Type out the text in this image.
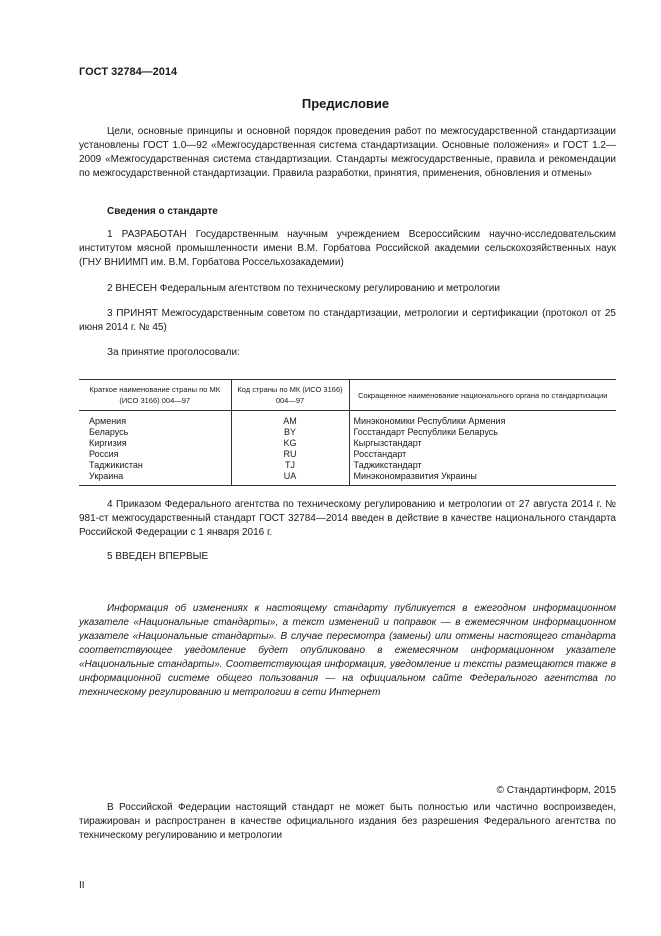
ГОСТ 32784—2014
Предисловие
Цели, основные принципы и основной порядок проведения работ по межгосударственной стандартизации установлены ГОСТ 1.0—92 «Межгосударственная система стандартизации. Основные положения» и ГОСТ 1.2—2009 «Межгосударственная система стандартизации. Стандарты межгосударственные, правила и рекомендации по межгосударственной стандартизации. Правила разработки, принятия, применения, обновления и отмены»
Сведения о стандарте
1 РАЗРАБОТАН Государственным научным учреждением Всероссийским научно-исследовательским институтом мясной промышленности имени В.М. Горбатова Российской академии сельскохозяйственных наук (ГНУ ВНИИМП им. В.М. Горбатова Россельхозакадемии)
2 ВНЕСЕН Федеральным агентством по техническому регулированию и метрологии
3 ПРИНЯТ Межгосударственным советом по стандартизации, метрологии и сертификации (протокол от 25 июня 2014 г. № 45)
За принятие проголосовали:
Краткое наименование страны по МК (ИСО 3166) 004—97	Код страны по МК (ИСО 3166) 004—97	Сокращенное наименование национального органа по стандартизации
Армения	AM	Минэкономики Республики Армения
Беларусь	BY	Госстандарт Республики Беларусь
Киргизия	KG	Кыргызстандарт
Россия	RU	Росстандарт
Таджикистан	TJ	Таджикстандарт
Украина	UA	Минэкономразвития Украины
4 Приказом Федерального агентства по техническому регулированию и метрологии от 27 августа 2014 г. № 981-ст межгосударственный стандарт ГОСТ 32784—2014 введен в действие в качестве национального стандарта Российской Федерации с 1 января 2016 г.
5 ВВЕДЕН ВПЕРВЫЕ
Информация об изменениях к настоящему стандарту публикуется в ежегодном информационном указателе «Национальные стандарты», а текст изменений и поправок — в ежемесячном информационном указателе «Национальные стандарты». В случае пересмотра (замены) или отмены настоящего стандарта соответствующее уведомление будет опубликовано в ежемесячном информационном указателе «Национальные стандарты». Соответствующая информация, уведомление и тексты размещаются также в информационной системе общего пользования — на официальном сайте Федерального агентства по техническому регулированию и метрологии в сети Интернет
© Стандартинформ, 2015
В Российской Федерации настоящий стандарт не может быть полностью или частично воспроизведен, тиражирован и распространен в качестве официального издания без разрешения Федерального агентства по техническому регулированию и метрологии
II
